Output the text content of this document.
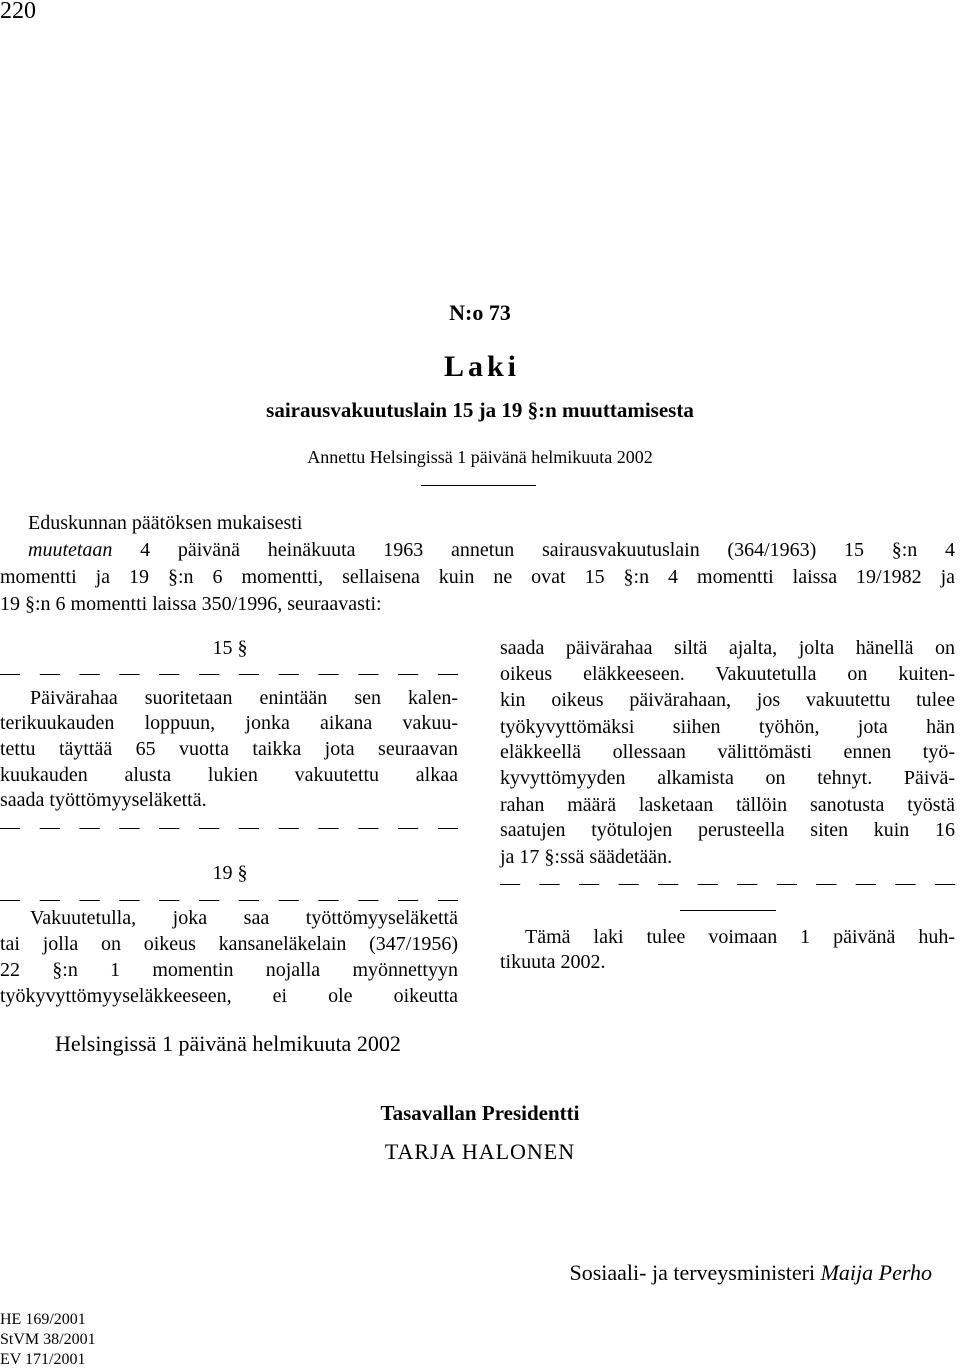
220
N:o 73
Laki
sairausvakuutuslain 15 ja 19 §:n muuttamisesta
Annettu Helsingissä 1 päivänä helmikuuta 2002
Eduskunnan päätöksen mukaisesti
muutetaan 4 päivänä heinäkuuta 1963 annetun sairausvakuutuslain (364/1963) 15 §:n 4
momentti ja 19 §:n 6 momentti, sellaisena kuin ne ovat 15 §:n 4 momentti laissa 19/1982 ja
19 §:n 6 momentti laissa 350/1996, seuraavasti:
15 §
— — — — — — — — — — — —
Päivärahaa suoritetaan enintään sen kalen-
terikuukauden loppuun, jonka aikana vakuu-
tettu täyttää 65 vuotta taikka jota seuraavan
kuukauden alusta lukien vakuutettu alkaa
saada työttömyyseläkettä.
— — — — — — — — — — — —
19 §
— — — — — — — — — — — —
Vakuutetulla, joka saa työttömyyseläkettä
tai jolla on oikeus kansaneläkelain (347/1956)
22 §:n 1 momentin nojalla myönnettyyn
työkyvyttömyyseläkkeeseen, ei ole oikeutta
saada päivärahaa siltä ajalta, jolta hänellä on
oikeus eläkkeeseen. Vakuutetulla on kuiten-
kin oikeus päivärahaan, jos vakuutettu tulee
työkyvyttömäksi siihen työhön, jota hän
eläkkeellä ollessaan välittömästi ennen työ-
kyvyttömyyden alkamista on tehnyt. Päivä-
rahan määrä lasketaan tällöin sanotusta työstä
saatujen työtulojen perusteella siten kuin 16
ja 17 §:ssä säädetään.
— — — — — — — — — — — —
Tämä laki tulee voimaan 1 päivänä huh-
tikuuta 2002.
Helsingissä 1 päivänä helmikuuta 2002
Tasavallan Presidentti
TARJA HALONEN
Sosiaali- ja terveysministeri Maija Perho
HE 169/2001
StVM 38/2001
EV 171/2001
